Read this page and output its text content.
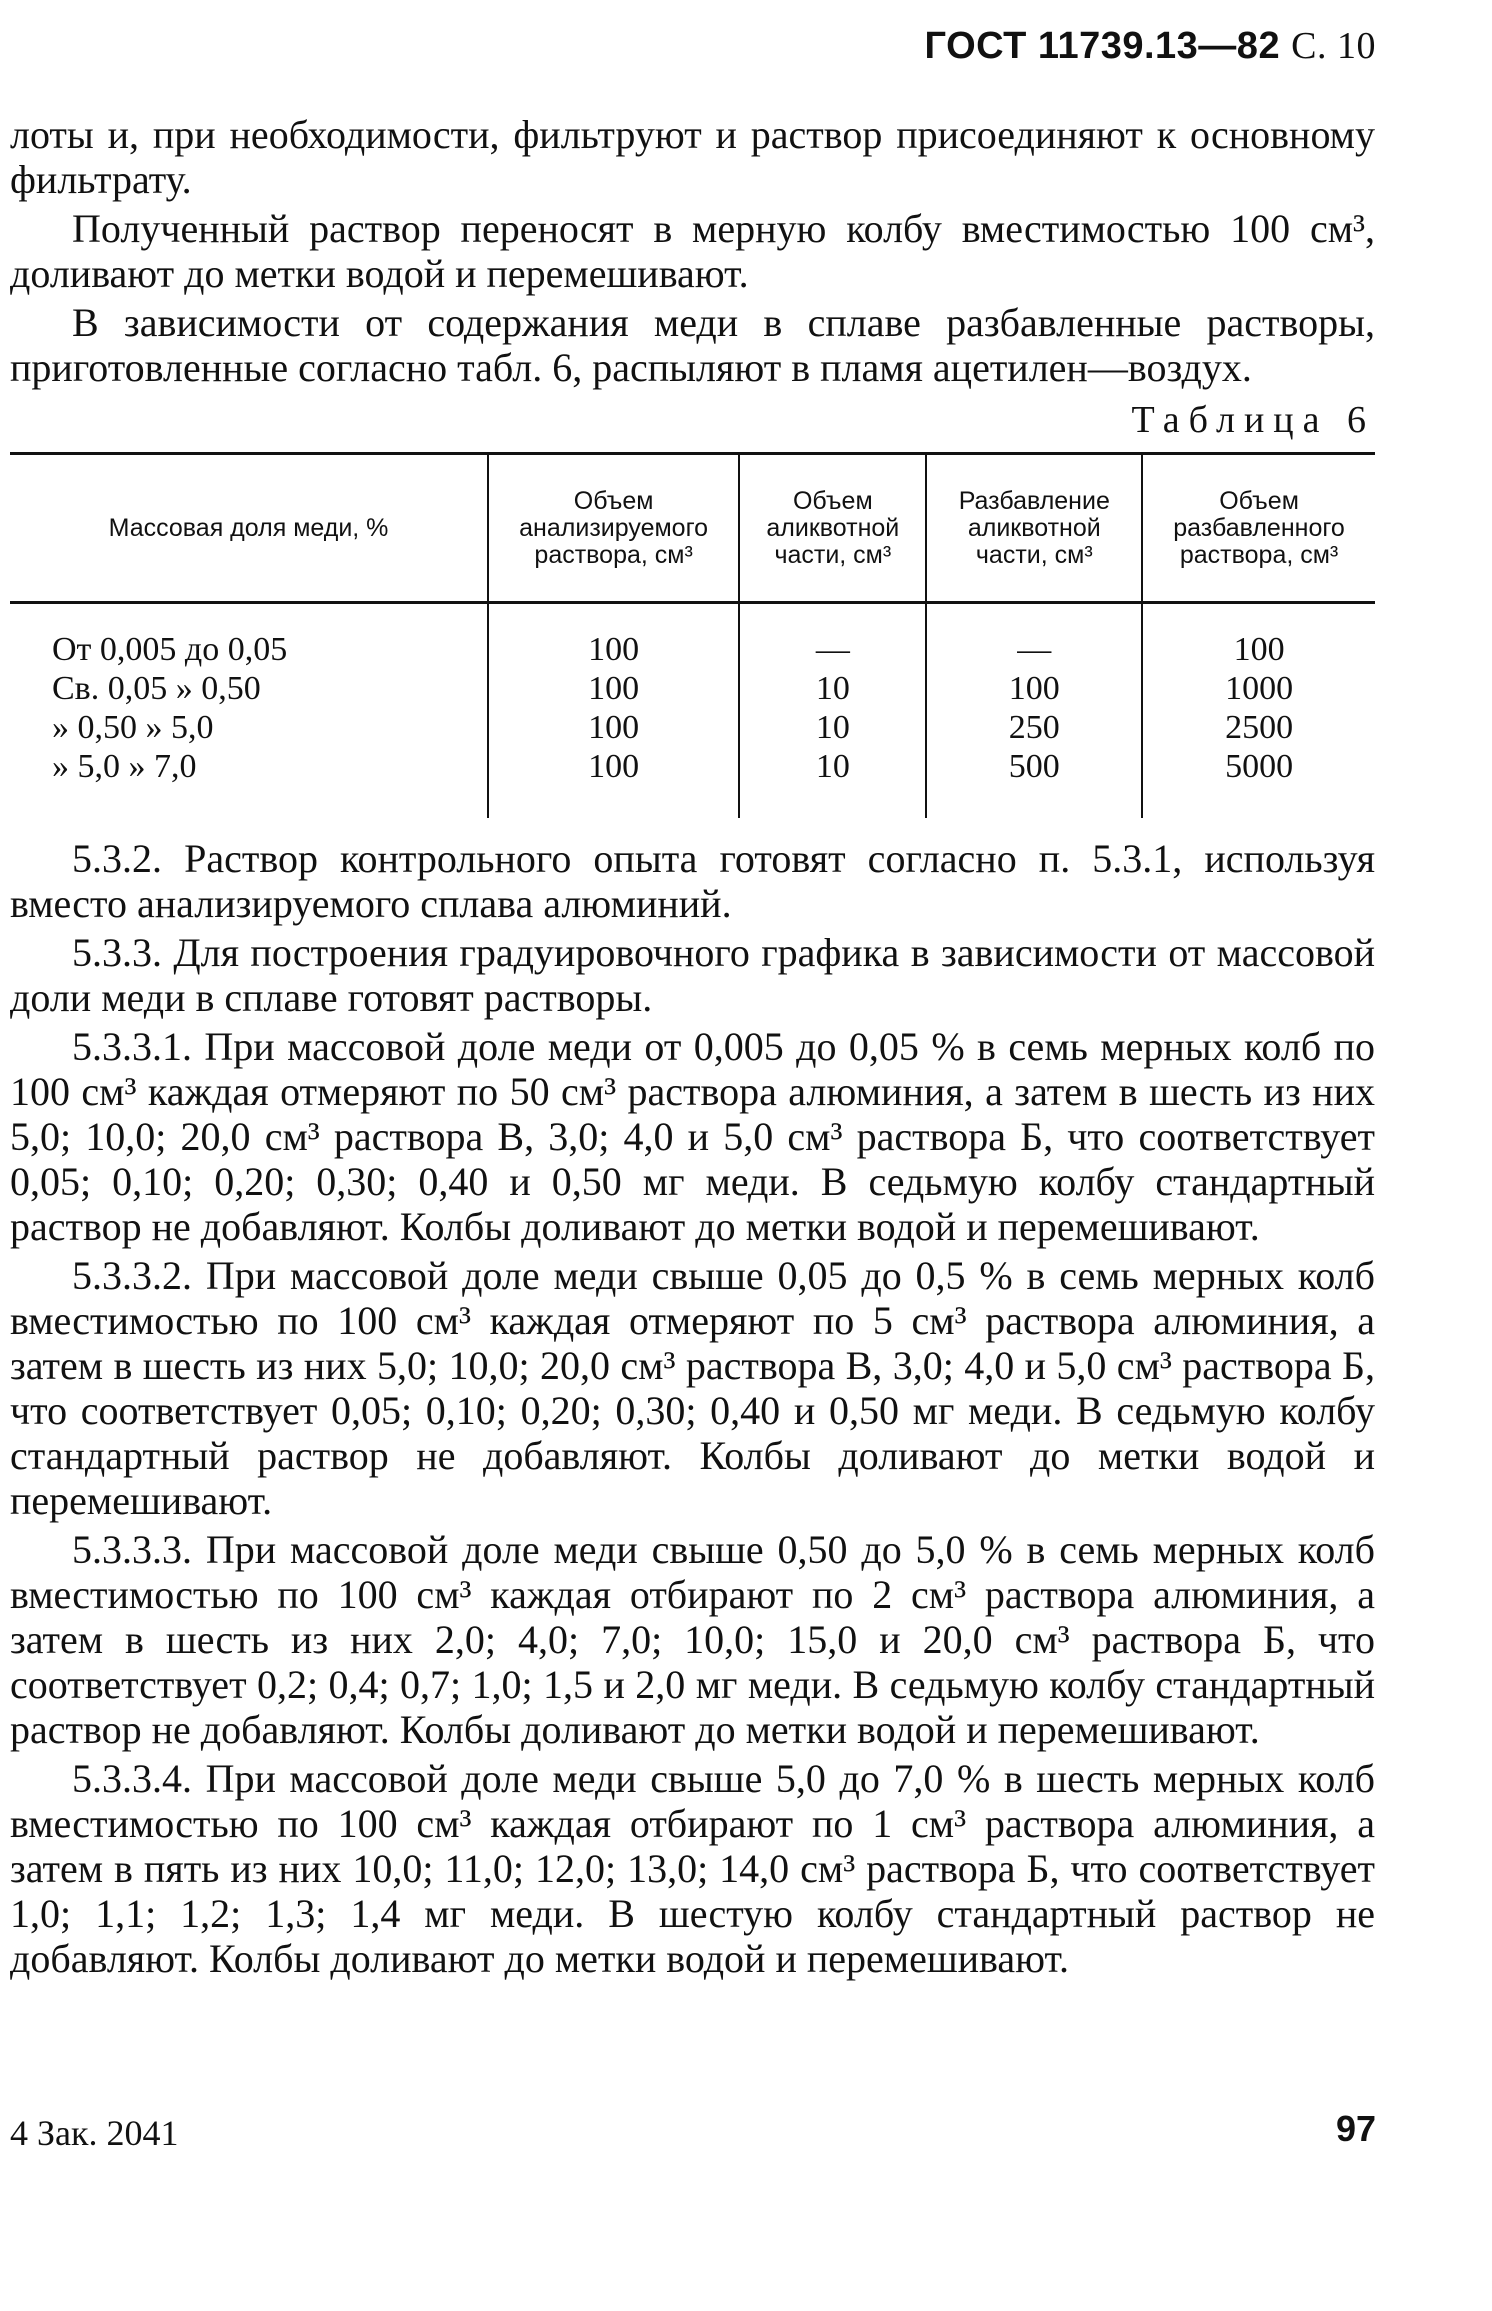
ГОСТ 11739.13—82 С. 10

лоты и, при необходимости, фильтруют и раствор присоединяют к основному фильтрату.

Полученный раствор переносят в мерную колбу вместимостью 100 см³, доливают до метки водой и перемешивают.

В зависимости от содержания меди в сплаве разбавленные растворы, приготовленные согласно табл. 6, распыляют в пламя ацетилен—воздух.

Таблица 6
Массовая доля меди, %	Объем анализируемого раствора, см³	Объем аликвотной части, см³	Разбавление аликвотной части, см³	Объем разбавленного раствора, см³
От 0,005 до 0,05	100	—	—	100
Св. 0,05 » 0,50	100	10	100	1000
» 0,50 » 5,0	100	10	250	2500
» 5,0 » 7,0	100	10	500	5000

5.3.2. Раствор контрольного опыта готовят согласно п. 5.3.1, используя вместо анализируемого сплава алюминий.

5.3.3. Для построения градуировочного графика в зависимости от массовой доли меди в сплаве готовят растворы.

5.3.3.1. При массовой доле меди от 0,005 до 0,05 % в семь мерных колб по 100 см³ каждая отмеряют по 50 см³ раствора алюминия, а затем в шесть из них 5,0; 10,0; 20,0 см³ раствора В, 3,0; 4,0 и 5,0 см³ раствора Б, что соответствует 0,05; 0,10; 0,20; 0,30; 0,40 и 0,50 мг меди. В седьмую колбу стандартный раствор не добавляют. Колбы доливают до метки водой и перемешивают.

5.3.3.2. При массовой доле меди свыше 0,05 до 0,5 % в семь мерных колб вместимостью по 100 см³ каждая отмеряют по 5 см³ раствора алюминия, а затем в шесть из них 5,0; 10,0; 20,0 см³ раствора В, 3,0; 4,0 и 5,0 см³ раствора Б, что соответствует 0,05; 0,10; 0,20; 0,30; 0,40 и 0,50 мг меди. В седьмую колбу стандартный раствор не добавляют. Колбы доливают до метки водой и перемешивают.

5.3.3.3. При массовой доле меди свыше 0,50 до 5,0 % в семь мерных колб вместимостью по 100 см³ каждая отбирают по 2 см³ раствора алюминия, а затем в шесть из них 2,0; 4,0; 7,0; 10,0; 15,0 и 20,0 см³ раствора Б, что соответствует 0,2; 0,4; 0,7; 1,0; 1,5 и 2,0 мг меди. В седьмую колбу стандартный раствор не добавляют. Колбы доливают до метки водой и перемешивают.

5.3.3.4. При массовой доле меди свыше 5,0 до 7,0 % в шесть мерных колб вместимостью по 100 см³ каждая отбирают по 1 см³ раствора алюминия, а затем в пять из них 10,0; 11,0; 12,0; 13,0; 14,0 см³ раствора Б, что соответствует 1,0; 1,1; 1,2; 1,3; 1,4 мг меди. В шестую колбу стандартный раствор не добавляют. Колбы доливают до метки водой и перемешивают.

4 Зак. 2041	97
